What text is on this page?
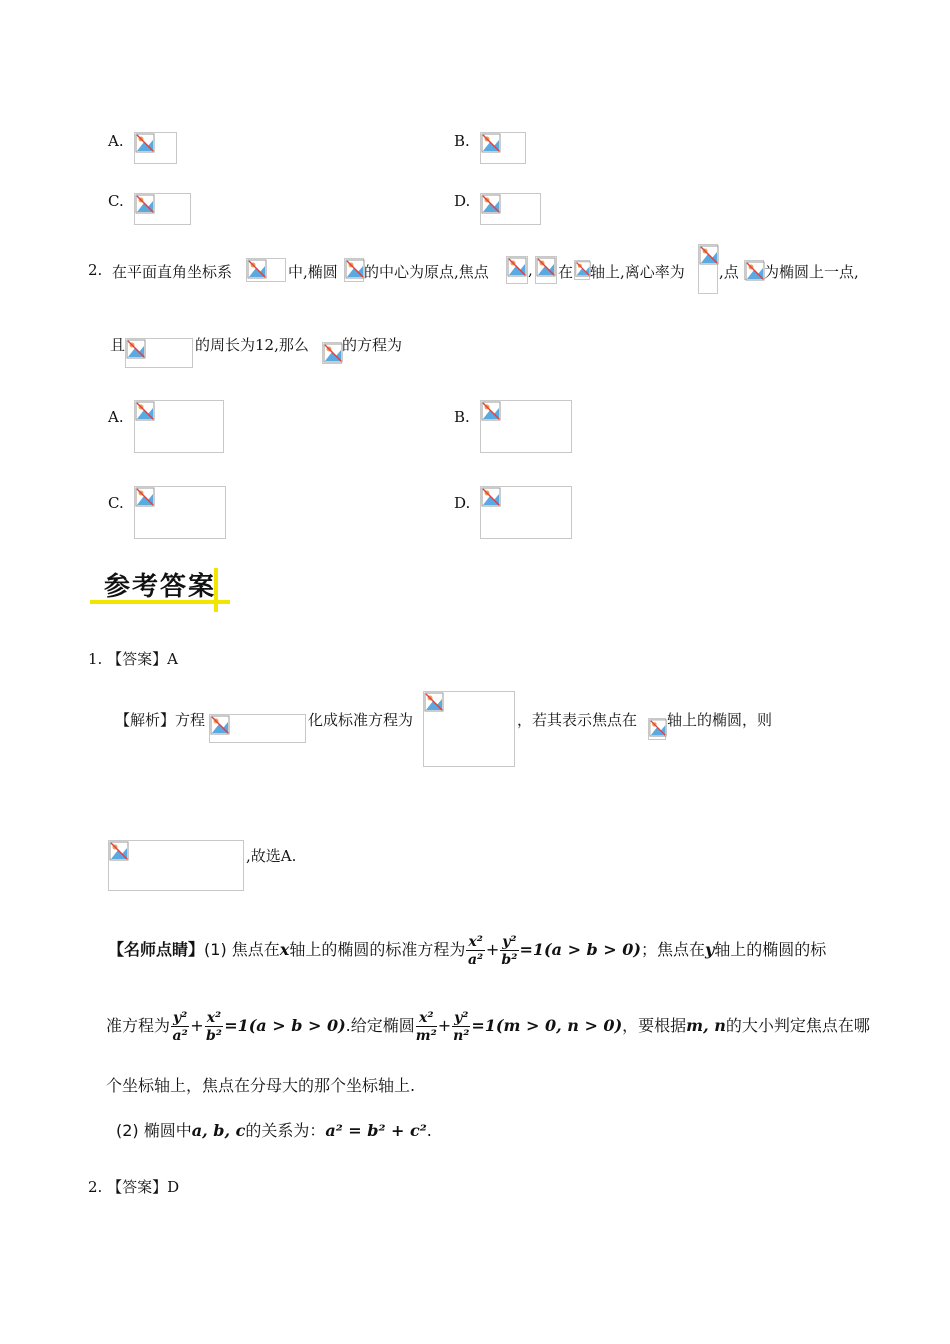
A.	B.
C.	D.
2. 在平面直角坐标系	中,椭圆 的中心为原点,焦点	, 在 轴上,离心率为 ,点 为椭圆上一点,
且	的周长为12,那么 的方程为
A.	B.
C.	D.
参考答案
1. 【答案】A
【解析】方程	化成标准方程为	，若其表示焦点在 轴上的椭圆，则
,故选A.
【名师点睛】(1) 焦点在x轴上的椭圆的标准方程为 $\frac{\text{x²}}{\text{a²}} + \frac{\text{y²}}{\text{b²}} =1(a > b > 0)$；焦点在y轴上的椭圆的标
准方程为 $\frac{\text{y²}}{\text{a²}} + \frac{\text{x²}}{\text{b²}} =1(a > b > 0)$.给定椭圆 $\frac{\text{x²}}{\text{m²}} + \frac{\text{y²}}{\text{n²}} =1(m > 0$, n > 0)，要根据m, n的大小判定焦点在哪
个坐标轴上，焦点在分母大的那个坐标轴上.
(2) 椭圆中a, b, c的关系为：a² = b² + c².
2. 【答案】D
